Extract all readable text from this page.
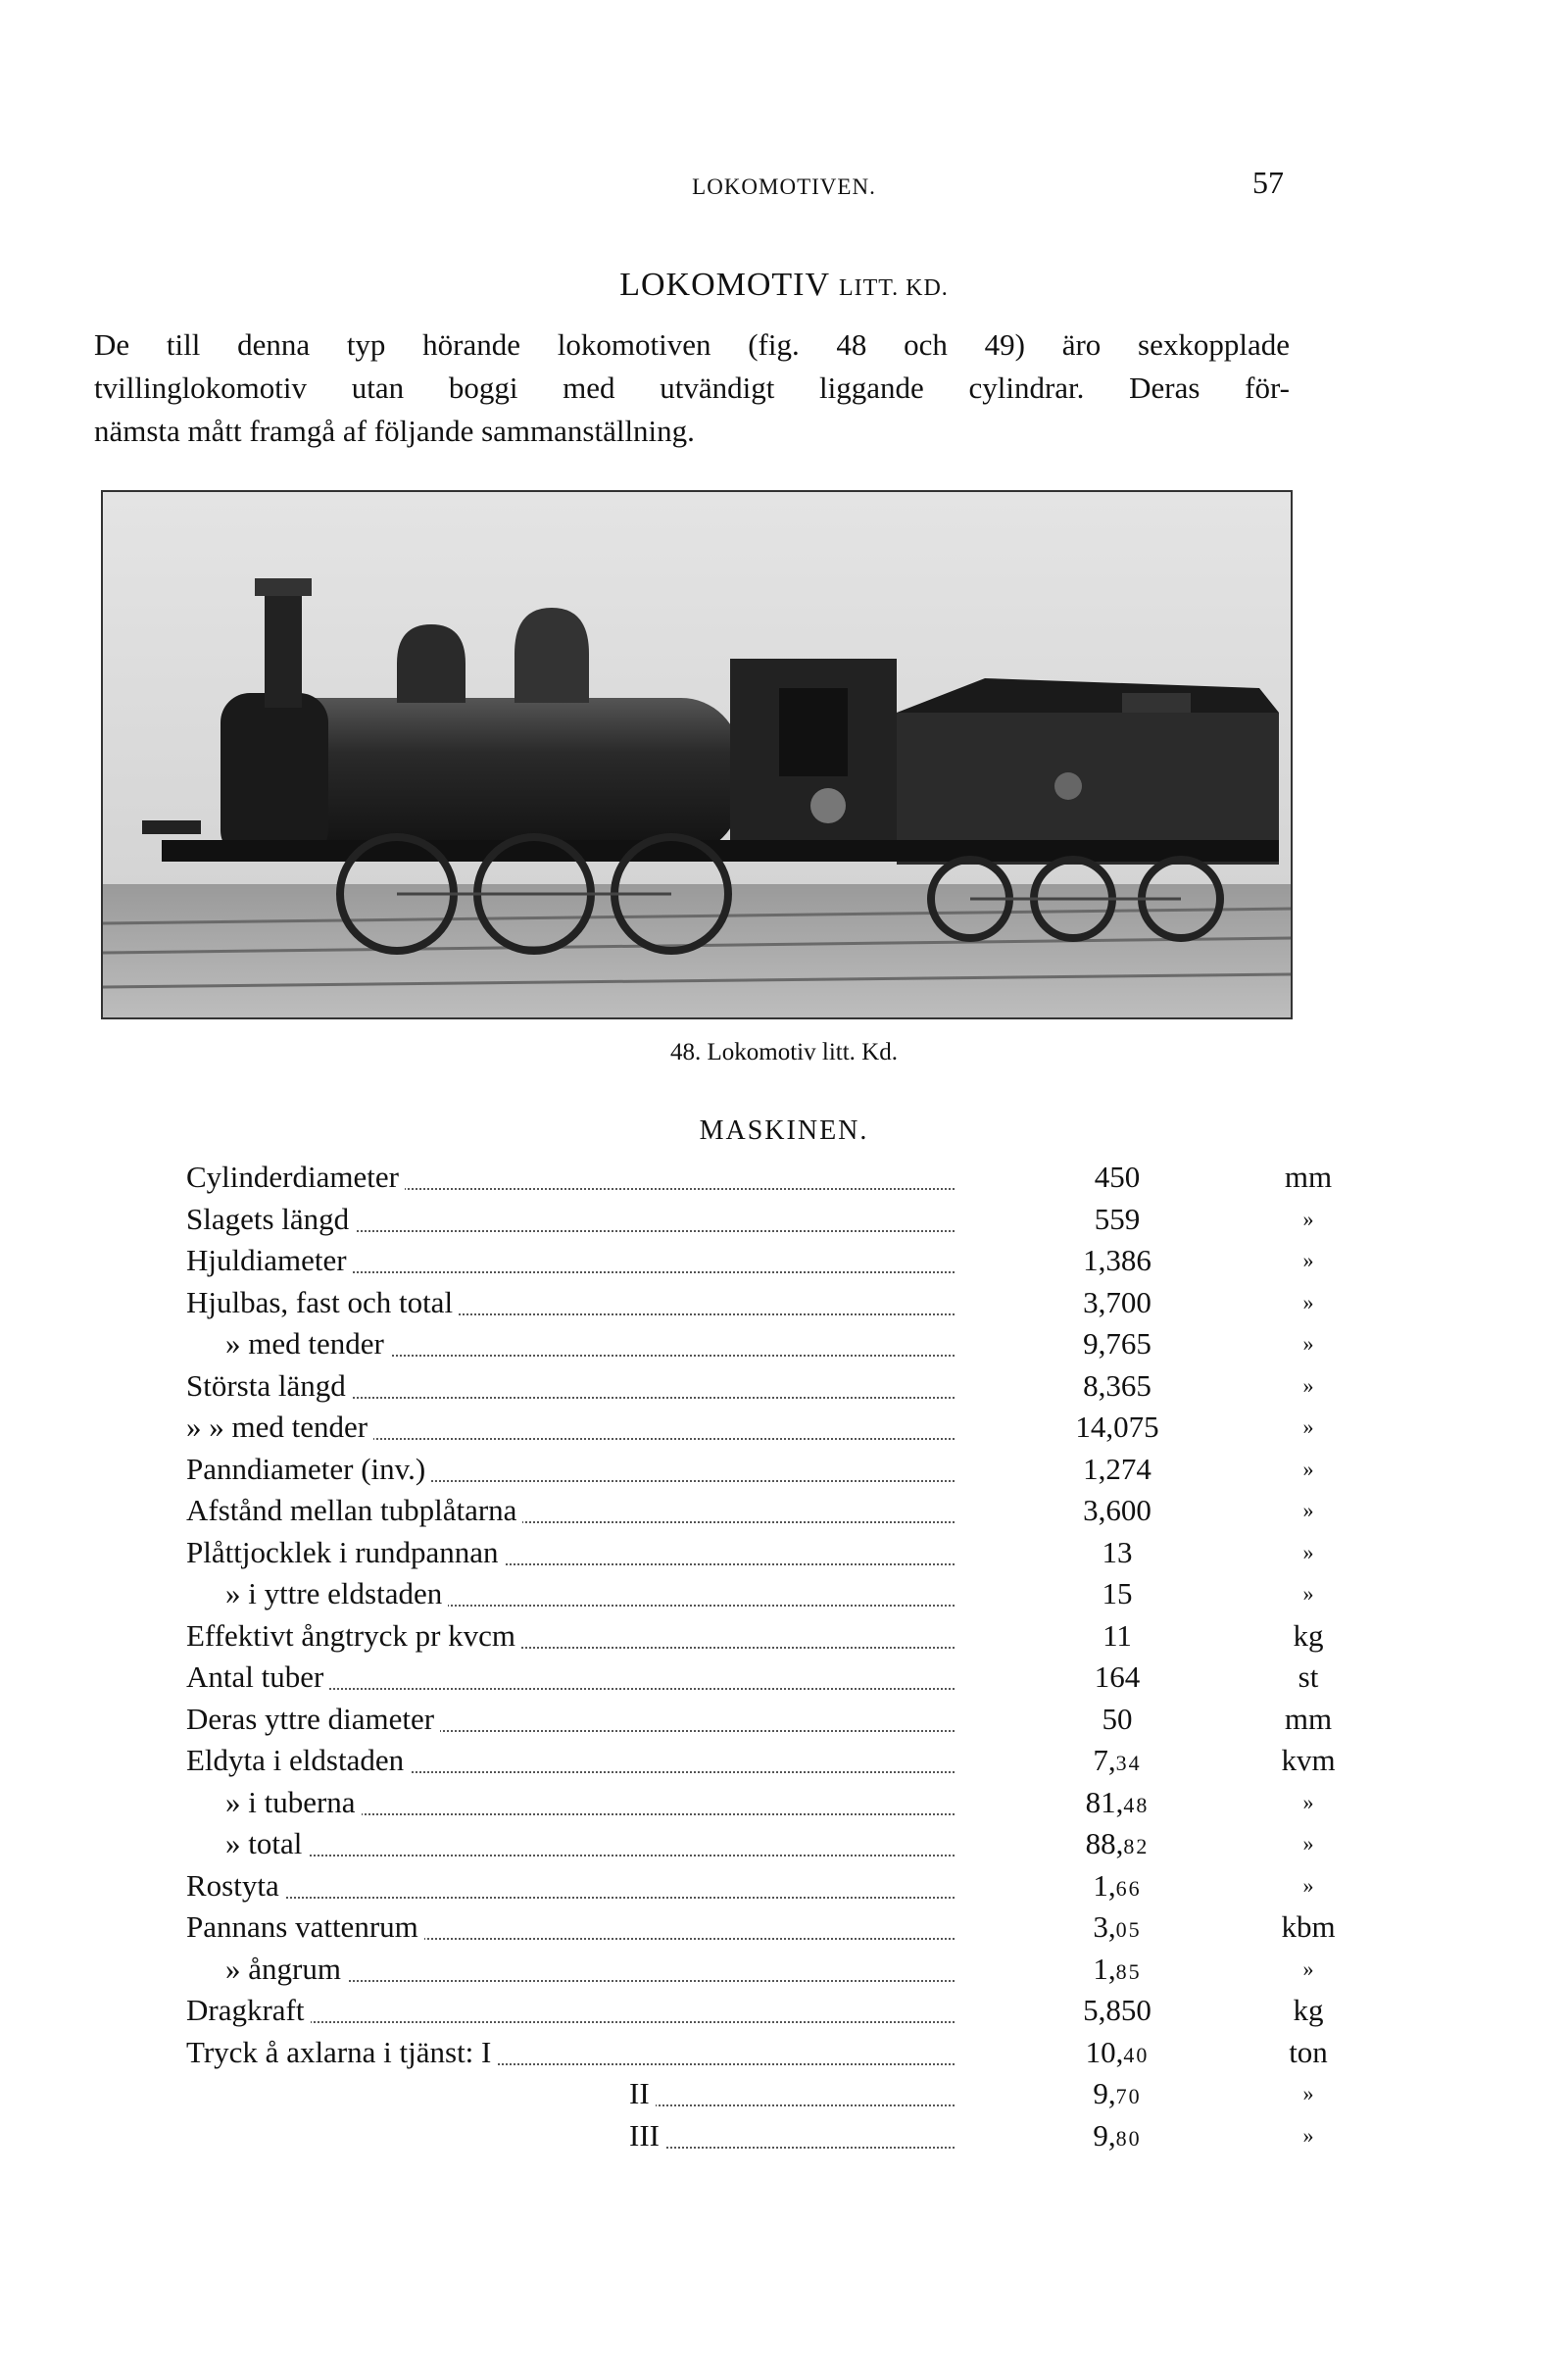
LOKOMOTIVEN.	57
LOKOMOTIV LITT. KD.
De till denna typ hörande lokomotiven (fig. 48 och 49) äro sexkopplade
tvillinglokomotiv utan boggi med utvändigt liggande cylindrar. Deras för-
nämsta mått framgå af följande sammanställning.
48. Lokomotiv litt. Kd.
MASKINEN.
Cylinderdiameter	450	mm
Slagets längd	559	»
Hjuldiameter	1,386	»
Hjulbas, fast och total	3,700	»
» med tender	9,765	»
Största längd	8,365	»
» » med tender	14,075	»
Panndiameter (inv.)	1,274	»
Afstånd mellan tubplåtarna	3,600	»
Plåttjocklek i rundpannan	13	»
» i yttre eldstaden	15	»
Effektivt ångtryck pr kvcm	11	kg
Antal tuber	164	st
Deras yttre diameter	50	mm
Eldyta i eldstaden	7,34	kvm
» i tuberna	81,48	»
» total	88,82	»
Rostyta	1,66	»
Pannans vattenrum	3,05	kbm
» ångrum	1,85	»
Dragkraft	5,850	kg
Tryck å axlarna i tjänst: I	10,40	ton
II	9,70	»
III	9,80	»
